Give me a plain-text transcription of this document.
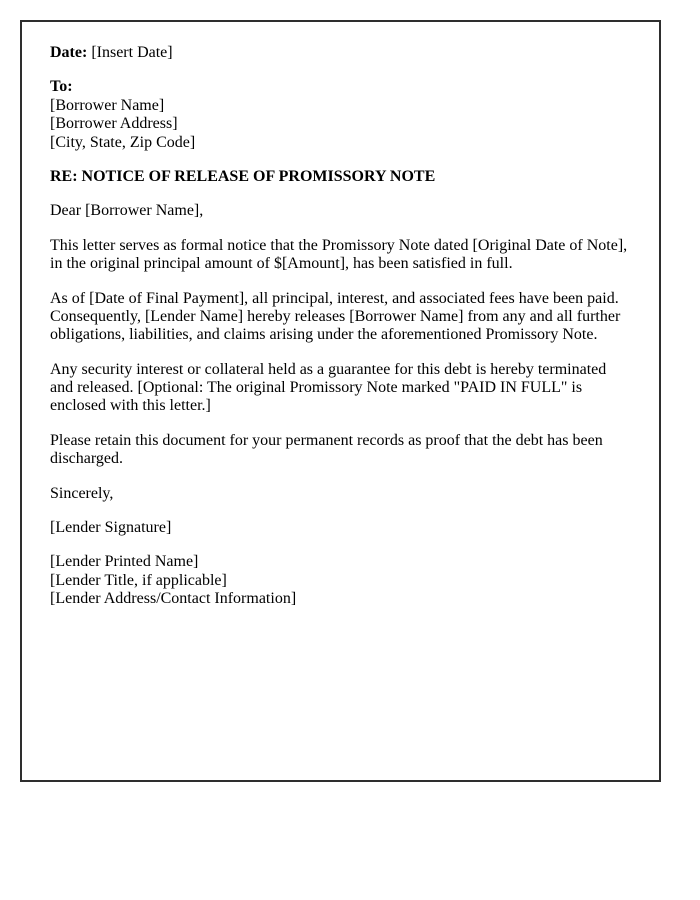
Date: [Insert Date]

To:
[Borrower Name]
[Borrower Address]
[City, State, Zip Code]

RE: NOTICE OF RELEASE OF PROMISSORY NOTE

Dear [Borrower Name],

This letter serves as formal notice that the Promissory Note dated [Original Date of Note], in the original principal amount of $[Amount], has been satisfied in full.

As of [Date of Final Payment], all principal, interest, and associated fees have been paid. Consequently, [Lender Name] hereby releases [Borrower Name] from any and all further obligations, liabilities, and claims arising under the aforementioned Promissory Note.

Any security interest or collateral held as a guarantee for this debt is hereby terminated and released. [Optional: The original Promissory Note marked "PAID IN FULL" is enclosed with this letter.]

Please retain this document for your permanent records as proof that the debt has been discharged.

Sincerely,

[Lender Signature]

[Lender Printed Name]
[Lender Title, if applicable]
[Lender Address/Contact Information]
